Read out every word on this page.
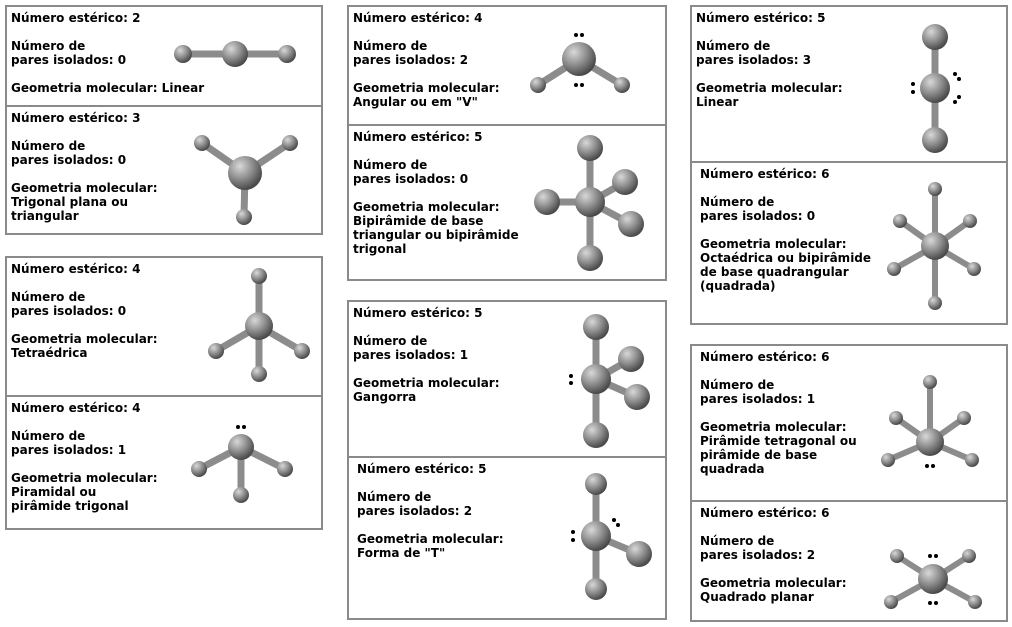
Número estérico: 2
Número de
pares isolados: 0
Geometria molecular: Linear
Número estérico: 3
Número de
pares isolados: 0
Geometria molecular:
Trigonal plana ou
triangular
Número estérico: 4
Número de
pares isolados: 0
Geometria molecular:
Tetraédrica
Número estérico: 4
Número de
pares isolados: 1
Geometria molecular:
Piramidal ou
pirâmide trigonal
Número estérico: 4
Número de
pares isolados: 2
Geometria molecular:
Angular ou em "V"
Número estérico: 5
Número de
pares isolados: 0
Geometria molecular:
Bipirâmide de base
triangular ou bipirâmide
trigonal
Número estérico: 5
Número de
pares isolados: 1
Geometria molecular:
Gangorra
Número estérico: 5
Número de
pares isolados: 2
Geometria molecular:
Forma de "T"
Número estérico: 5
Número de
pares isolados: 3
Geometria molecular:
Linear
Número estérico: 6
Número de
pares isolados: 0
Geometria molecular:
Octaédrica ou bipirâmide
de base quadrangular
(quadrada)
Número estérico: 6
Número de
pares isolados: 1
Geometria molecular:
Pirâmide tetragonal ou
pirâmide de base
quadrada
Número estérico: 6
Número de
pares isolados: 2
Geometria molecular:
Quadrado planar
